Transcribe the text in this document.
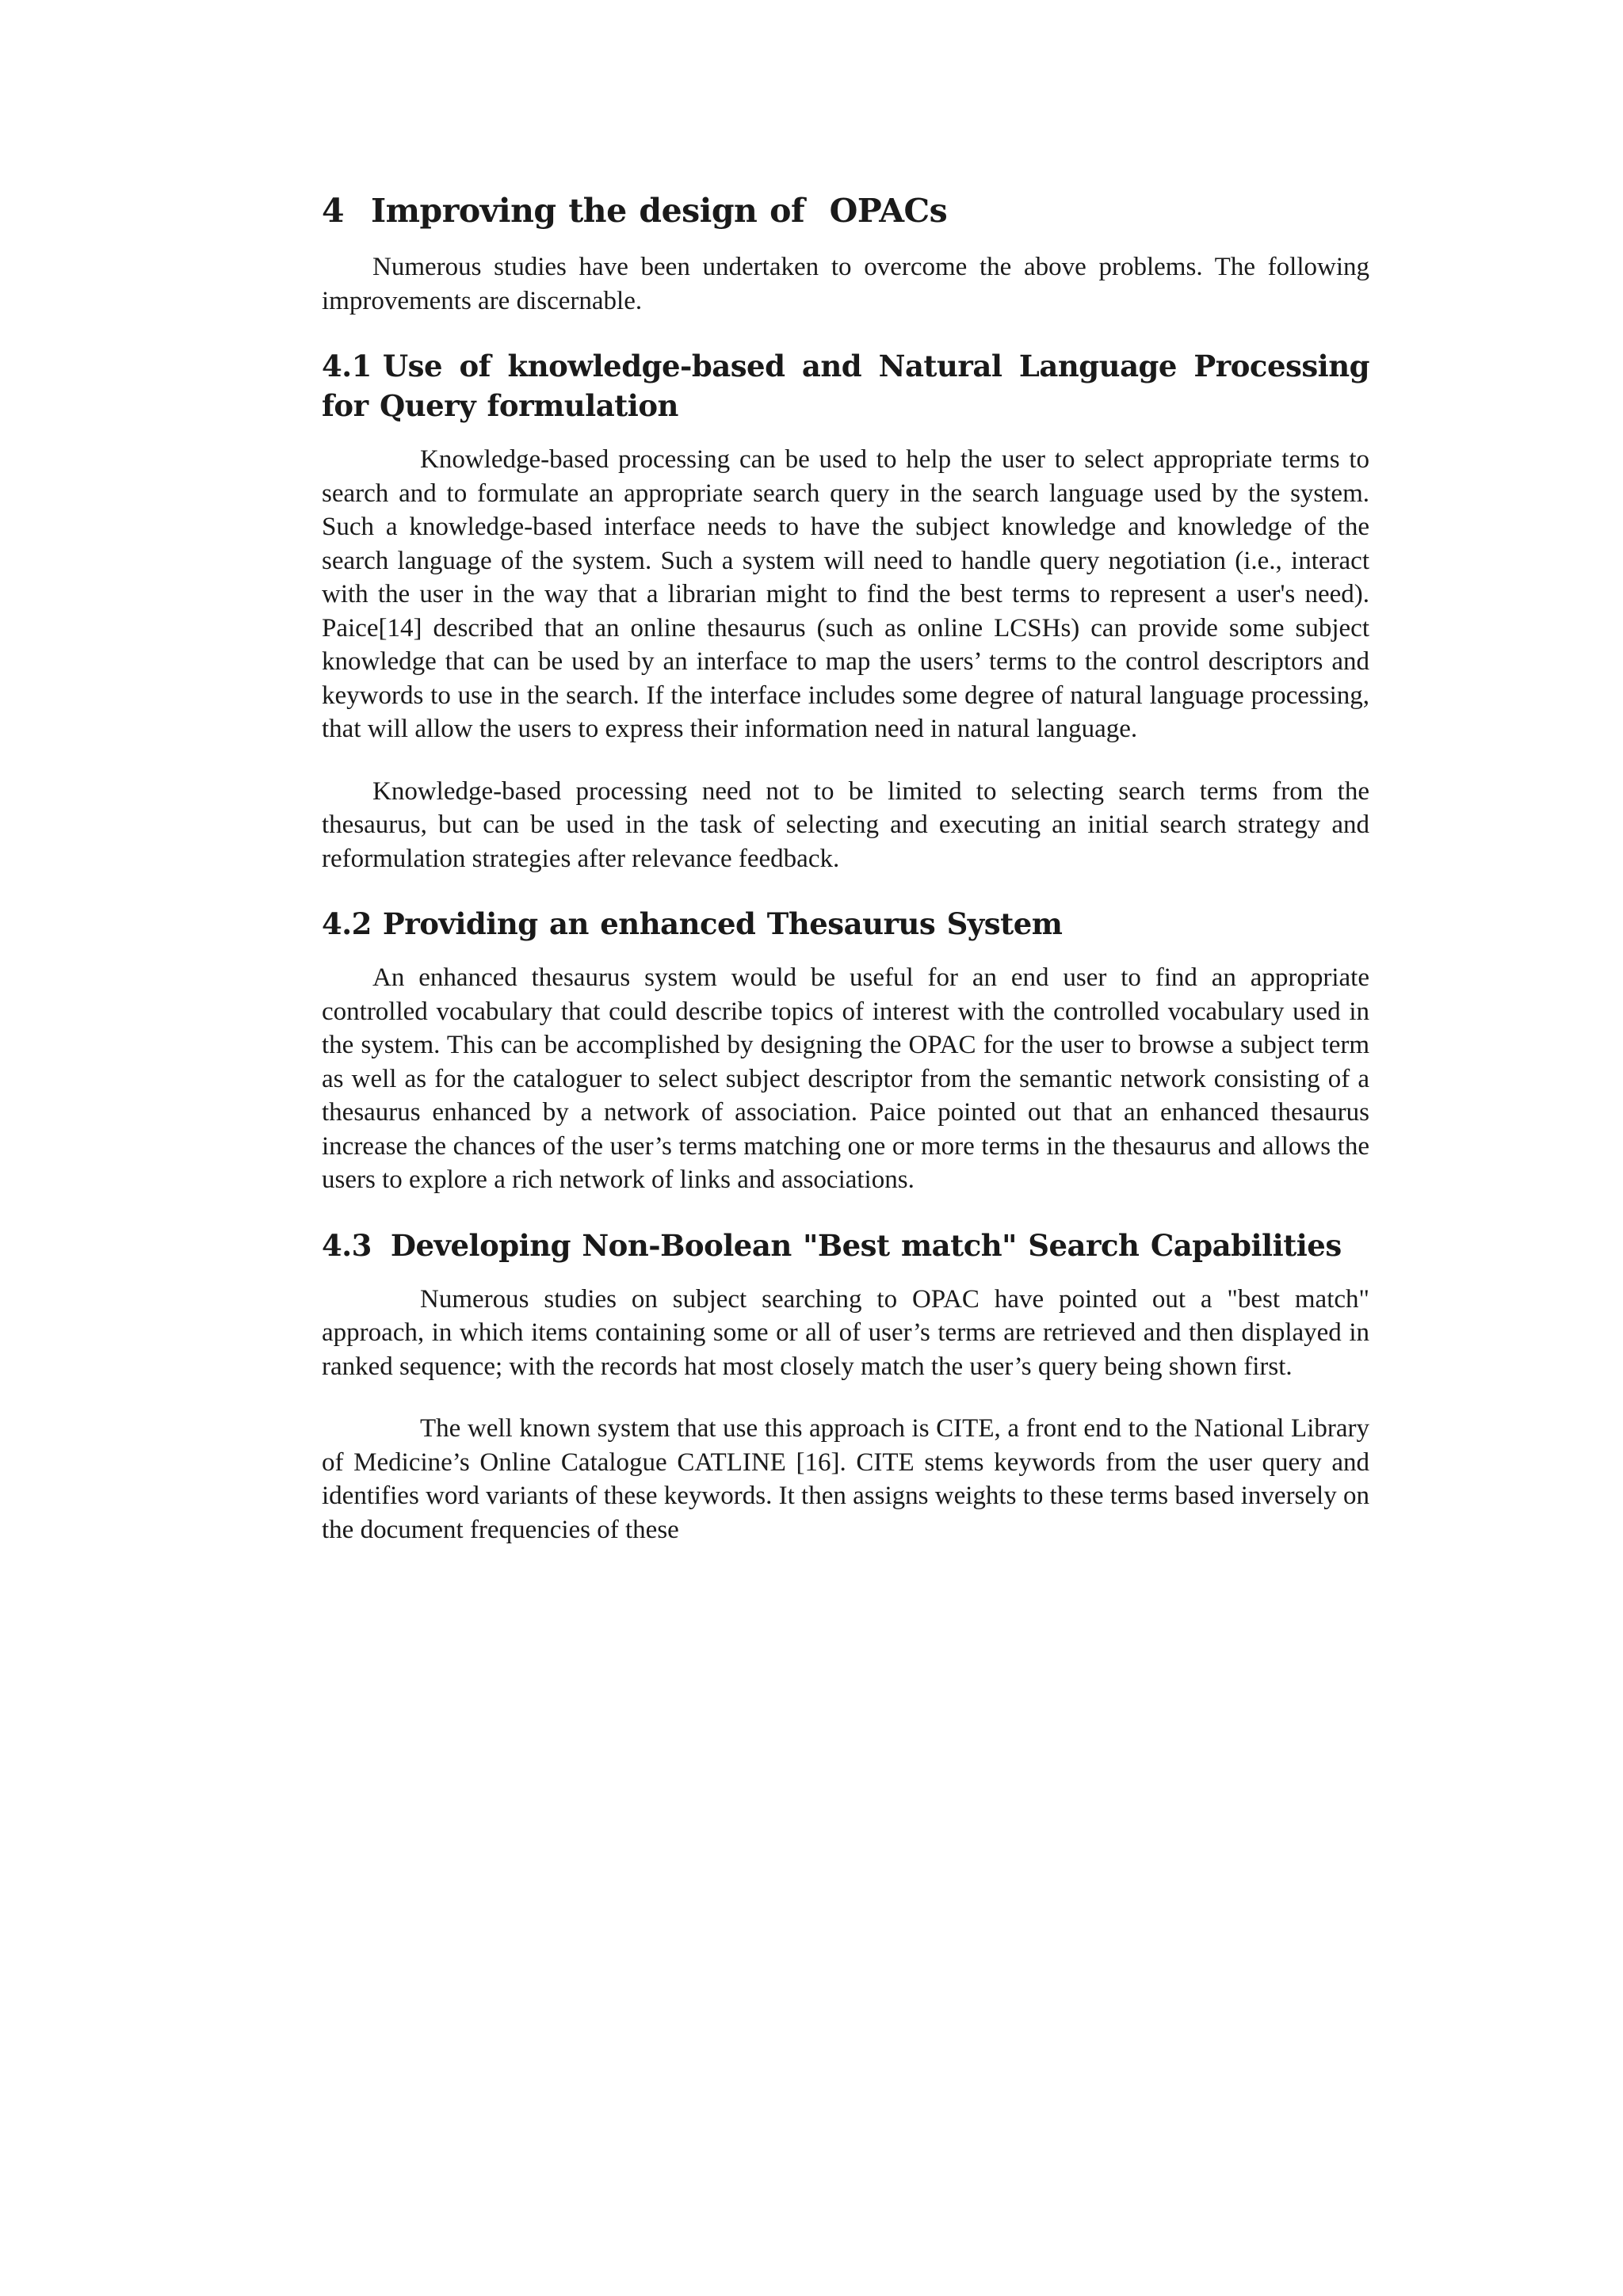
4 Improving the design of  OPACs

Numerous studies have been undertaken to overcome the above problems. The following improvements are discernable.

4.1 Use of knowledge-based and Natural Language Processing for Query formulation

Knowledge-based processing can be used to help the user to select appropriate terms to search and to formulate an appropriate search query in the search language used by the system. Such a knowledge-based interface needs to have the subject knowledge and knowledge of the search language of the system. Such a system will need to handle query negotiation (i.e., interact with the user in the way that a librarian might to find the best terms to represent a user's need). Paice[14] described that an online thesaurus (such as online LCSHs) can provide some subject knowledge that can be used by an interface to map the users’ terms to the control descriptors and keywords to use in the search. If the interface includes some degree of natural language processing, that will allow the users to express their information need in natural language.

Knowledge-based processing need not to be limited to selecting search terms from the thesaurus, but can be used in the task of selecting and executing an initial search strategy and reformulation strategies after relevance feedback.

4.2 Providing an enhanced Thesaurus System

An enhanced thesaurus system would be useful for an end user to find an appropriate controlled vocabulary that could describe topics of interest with the controlled vocabulary used in the system. This can be accomplished by designing the OPAC for the user to browse a subject term as well as for the cataloguer to select subject descriptor from the semantic network consisting of a thesaurus enhanced by a network of association. Paice pointed out that an enhanced thesaurus increase the chances of the user’s terms matching one or more terms in the thesaurus and allows the users to explore a rich network of links and associations.

4.3 Developing Non-Boolean "Best match" Search Capabilities

Numerous studies on subject searching to OPAC have pointed out a "best match" approach, in which items containing some or all of user’s terms are retrieved and then displayed in ranked sequence; with the records hat most closely match the user’s query being shown first.

The well known system that use this approach is CITE, a front end to the National Library of Medicine’s Online Catalogue CATLINE [16]. CITE stems keywords from the user query and identifies word variants of these keywords. It then assigns weights to these terms based inversely on the document frequencies of these
